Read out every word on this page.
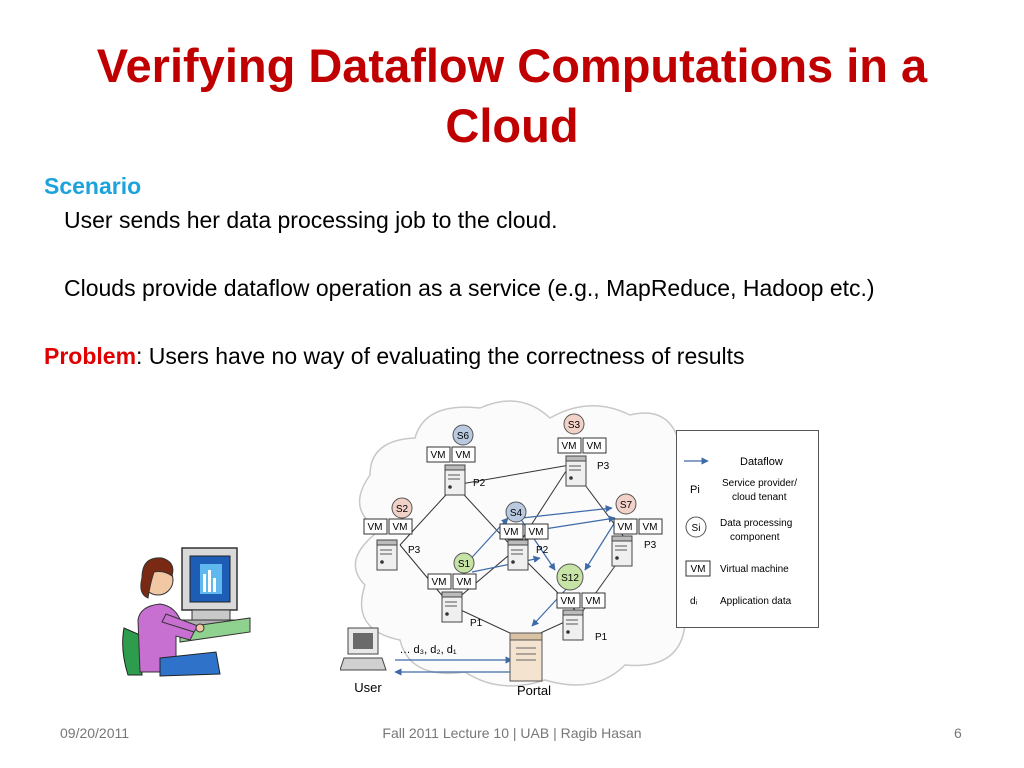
Verifying Dataflow Computations in a Cloud
Scenario
User sends her data processing job to the cloud.
Clouds provide dataflow operation as a service (e.g., MapReduce, Hadoop etc.)
Problem: Users have no way of evaluating the correctness of results
S6
VM VM
P2
S3
VM VM
P3
S2
VM VM
P3
S4
VM VM
P2
S7
VM VM
P3
S1
VM VM
P1
S12
VM VM
P1
Portal
User
… d₃, d₂, d₁
Dataflow
Pi
Service provider/
cloud tenant
Si Data processing
component
VM Virtual machine
dᵢ Application data
09/20/2011	Fall 2011 Lecture 10 | UAB | Ragib Hasan	6
